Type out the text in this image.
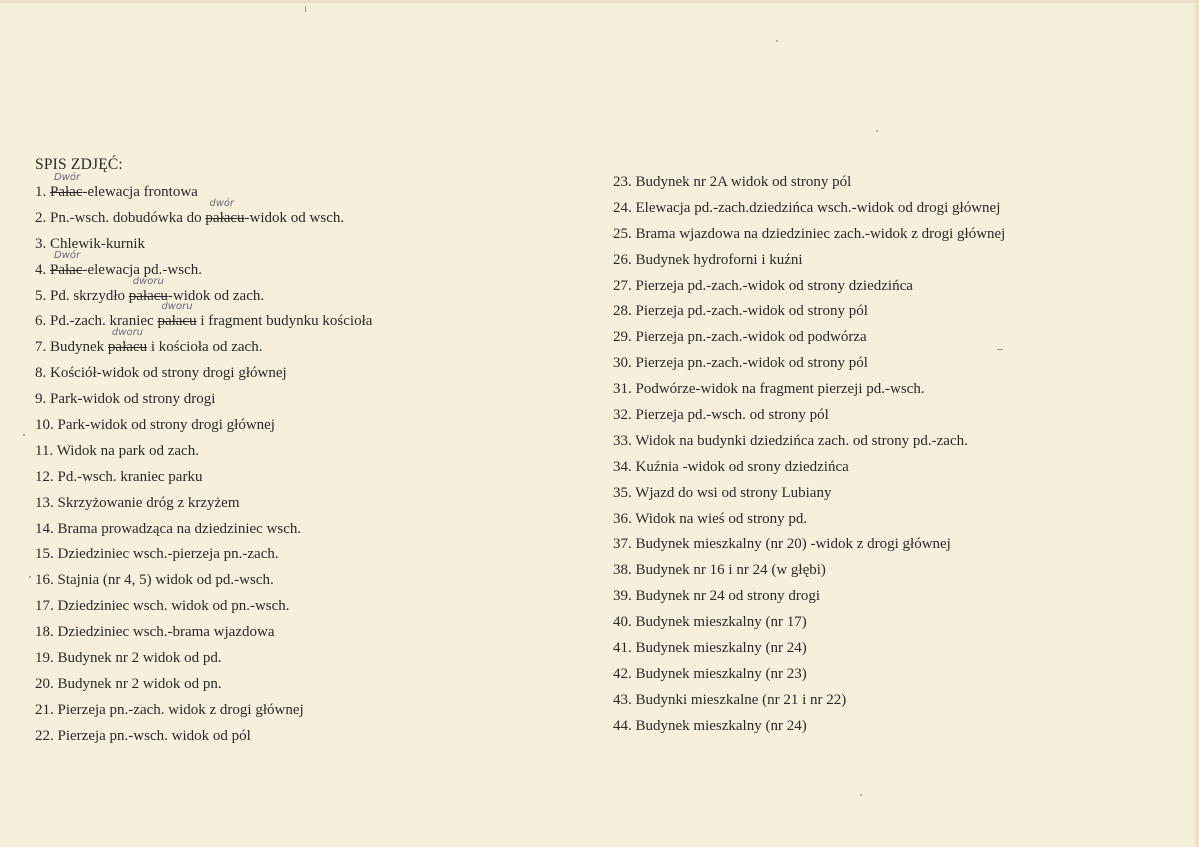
SPIS ZDJĘĆ:
1. Pałac
Dwór
-elewacja frontowa
2. Pn.-wsch. dobudówka do pałacu
dwór
-widok od wsch.
3. Chlewik-kurnik
4. Pałac
Dwór
-elewacja pd.-wsch.
5. Pd. skrzydło pałacu
dworu
-widok od zach.
6. Pd.-zach. kraniec pałacu
dworu
i fragment budynku kościoła
7. Budynek pałacu
dworu
i kościoła od zach.
8. Kościół-widok od strony drogi głównej
9. Park-widok od strony drogi
10. Park-widok od strony drogi głównej
11. Widok na park od zach.
12. Pd.-wsch. kraniec parku
13. Skrzyżowanie dróg z krzyżem
14. Brama prowadząca na dziedziniec wsch.
15. Dziedziniec wsch.-pierzeja pn.-zach.
16. Stajnia (nr 4, 5) widok od pd.-wsch.
17. Dziedziniec wsch. widok od pn.-wsch.
18. Dziedziniec wsch.-brama wjazdowa
19. Budynek nr 2 widok od pd.
20. Budynek nr 2 widok od pn.
21. Pierzeja pn.-zach. widok z drogi głównej
22. Pierzeja pn.-wsch. widok od pól
23. Budynek nr 2A widok od strony pól
24. Elewacja pd.-zach.dziedzińca wsch.-widok od drogi głównej
25. Brama wjazdowa na dziedziniec zach.-widok z drogi głównej
26. Budynek hydroforni i kuźni
27. Pierzeja pd.-zach.-widok od strony dziedzińca
28. Pierzeja pd.-zach.-widok od strony pól
29. Pierzeja pn.-zach.-widok od podwórza
30. Pierzeja pn.-zach.-widok od strony pól
31. Podwórze-widok na fragment pierzeji pd.-wsch.
32. Pierzeja pd.-wsch. od strony pól
33. Widok na budynki dziedzińca zach. od strony pd.-zach.
34. Kuźnia -widok od srony dziedzińca
35. Wjazd do wsi od strony Lubiany
36. Widok na wieś od strony pd.
37. Budynek mieszkalny (nr 20) -widok z drogi głównej
38. Budynek nr 16 i nr 24 (w głębi)
39. Budynek nr 24 od strony drogi
40. Budynek mieszkalny (nr 17)
41. Budynek mieszkalny (nr 24)
42. Budynek mieszkalny (nr 23)
43. Budynki mieszkalne (nr 21 i nr 22)
44. Budynek mieszkalny (nr 24)
